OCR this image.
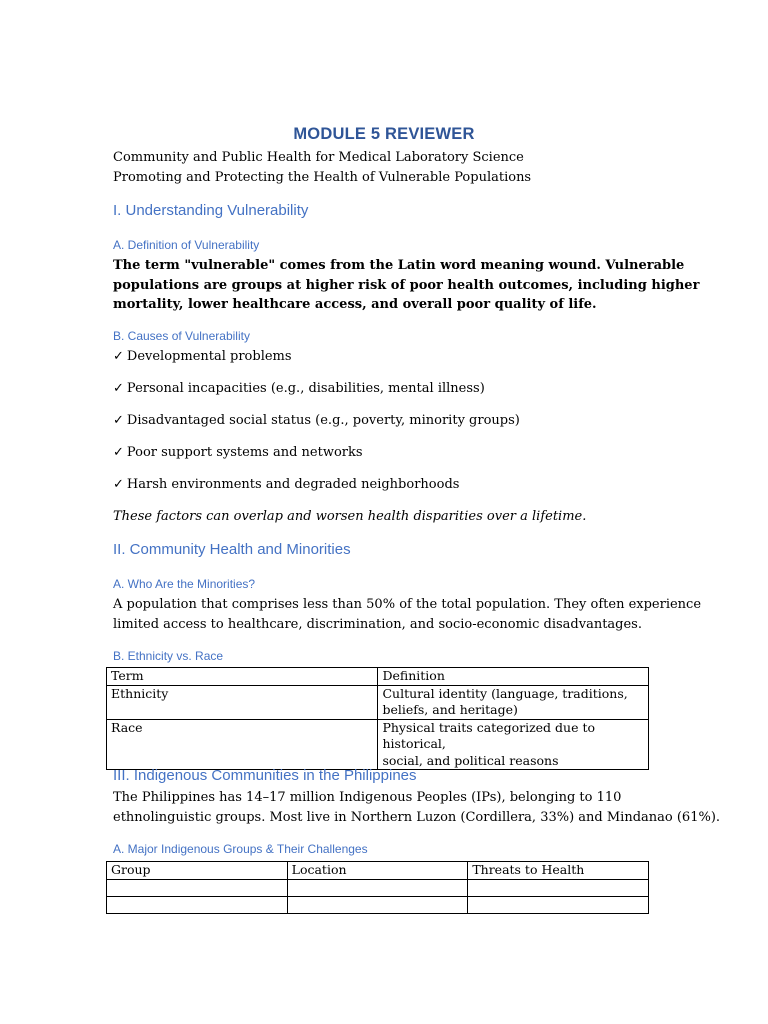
MODULE 5 REVIEWER
Community and Public Health for Medical Laboratory Science
Promoting and Protecting the Health of Vulnerable Populations
I. Understanding Vulnerability
A. Definition of Vulnerability
The term "vulnerable" comes from the Latin word meaning wound. Vulnerable
populations are groups at higher risk of poor health outcomes, including higher
mortality, lower healthcare access, and overall poor quality of life.
B. Causes of Vulnerability
✓ Developmental problems
✓ Personal incapacities (e.g., disabilities, mental illness)
✓ Disadvantaged social status (e.g., poverty, minority groups)
✓ Poor support systems and networks
✓ Harsh environments and degraded neighborhoods
These factors can overlap and worsen health disparities over a lifetime.
II. Community Health and Minorities
A. Who Are the Minorities?
A population that comprises less than 50% of the total population. They often experience
limited access to healthcare, discrimination, and socio-economic disadvantages.
B. Ethnicity vs. Race
Term	Definition
Ethnicity	Cultural identity (language, traditions,
beliefs, and heritage)

Race	Physical traits categorized due to historical,
social, and political reasons
III. Indigenous Communities in the Philippines
The Philippines has 14–17 million Indigenous Peoples (IPs), belonging to 110
ethnolinguistic groups. Most live in Northern Luzon (Cordillera, 33%) and Mindanao (61%).
A. Major Indigenous Groups & Their Challenges
Group	Location	Threats to Health
